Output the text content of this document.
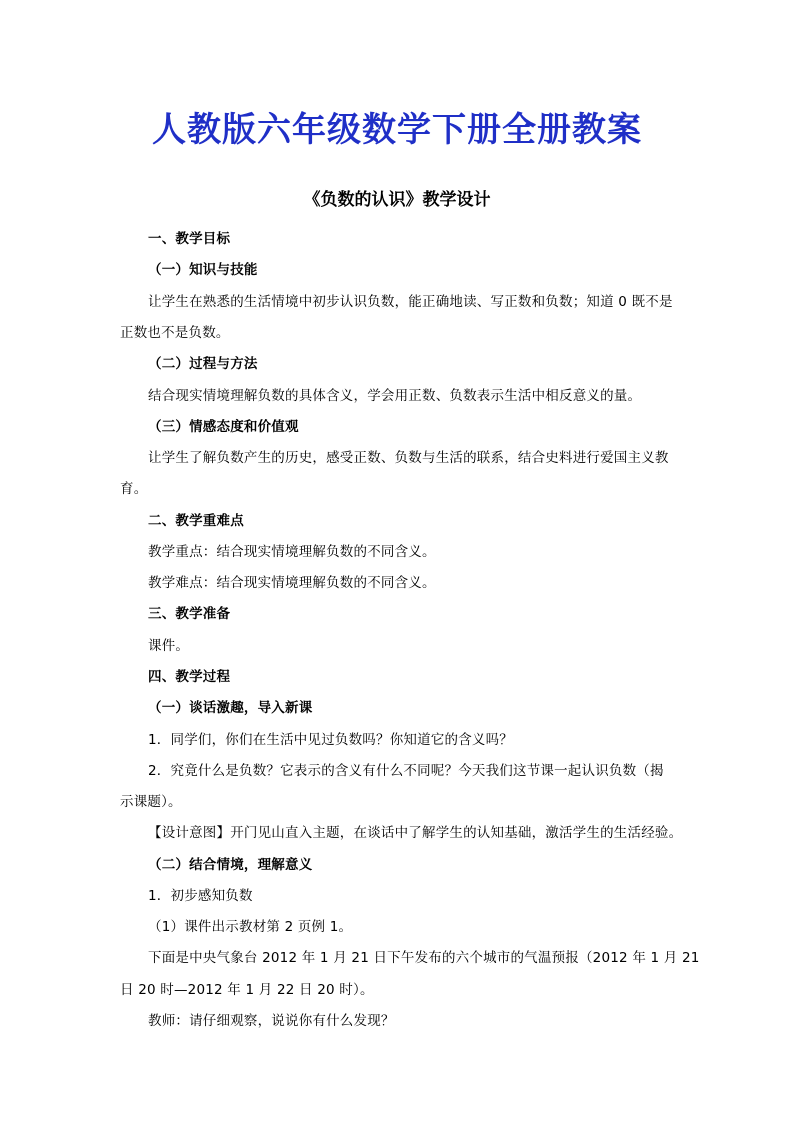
人教版六年级数学下册全册教案
《负数的认识》教学设计
一、教学目标
（一）知识与技能
让学生在熟悉的生活情境中初步认识负数，能正确地读、写正数和负数；知道 0 既不是
正数也不是负数。
（二）过程与方法
结合现实情境理解负数的具体含义，学会用正数、负数表示生活中相反意义的量。
（三）情感态度和价值观
让学生了解负数产生的历史，感受正数、负数与生活的联系，结合史料进行爱国主义教
育。
二、教学重难点
教学重点：结合现实情境理解负数的不同含义。
教学难点：结合现实情境理解负数的不同含义。
三、教学准备
课件。
四、教学过程
（一）谈话激趣，导入新课
1．同学们，你们在生活中见过负数吗？你知道它的含义吗？
2．究竟什么是负数？它表示的含义有什么不同呢？今天我们这节课一起认识负数（揭
示课题）。
【设计意图】开门见山直入主题，在谈话中了解学生的认知基础，激活学生的生活经验。
（二）结合情境，理解意义
1．初步感知负数
（1）课件出示教材第 2 页例 1。
下面是中央气象台 2012 年 1 月 21 日下午发布的六个城市的气温预报（2012 年 1 月 21
日 20 时—2012 年 1 月 22 日 20 时）。
教师：请仔细观察，说说你有什么发现？
